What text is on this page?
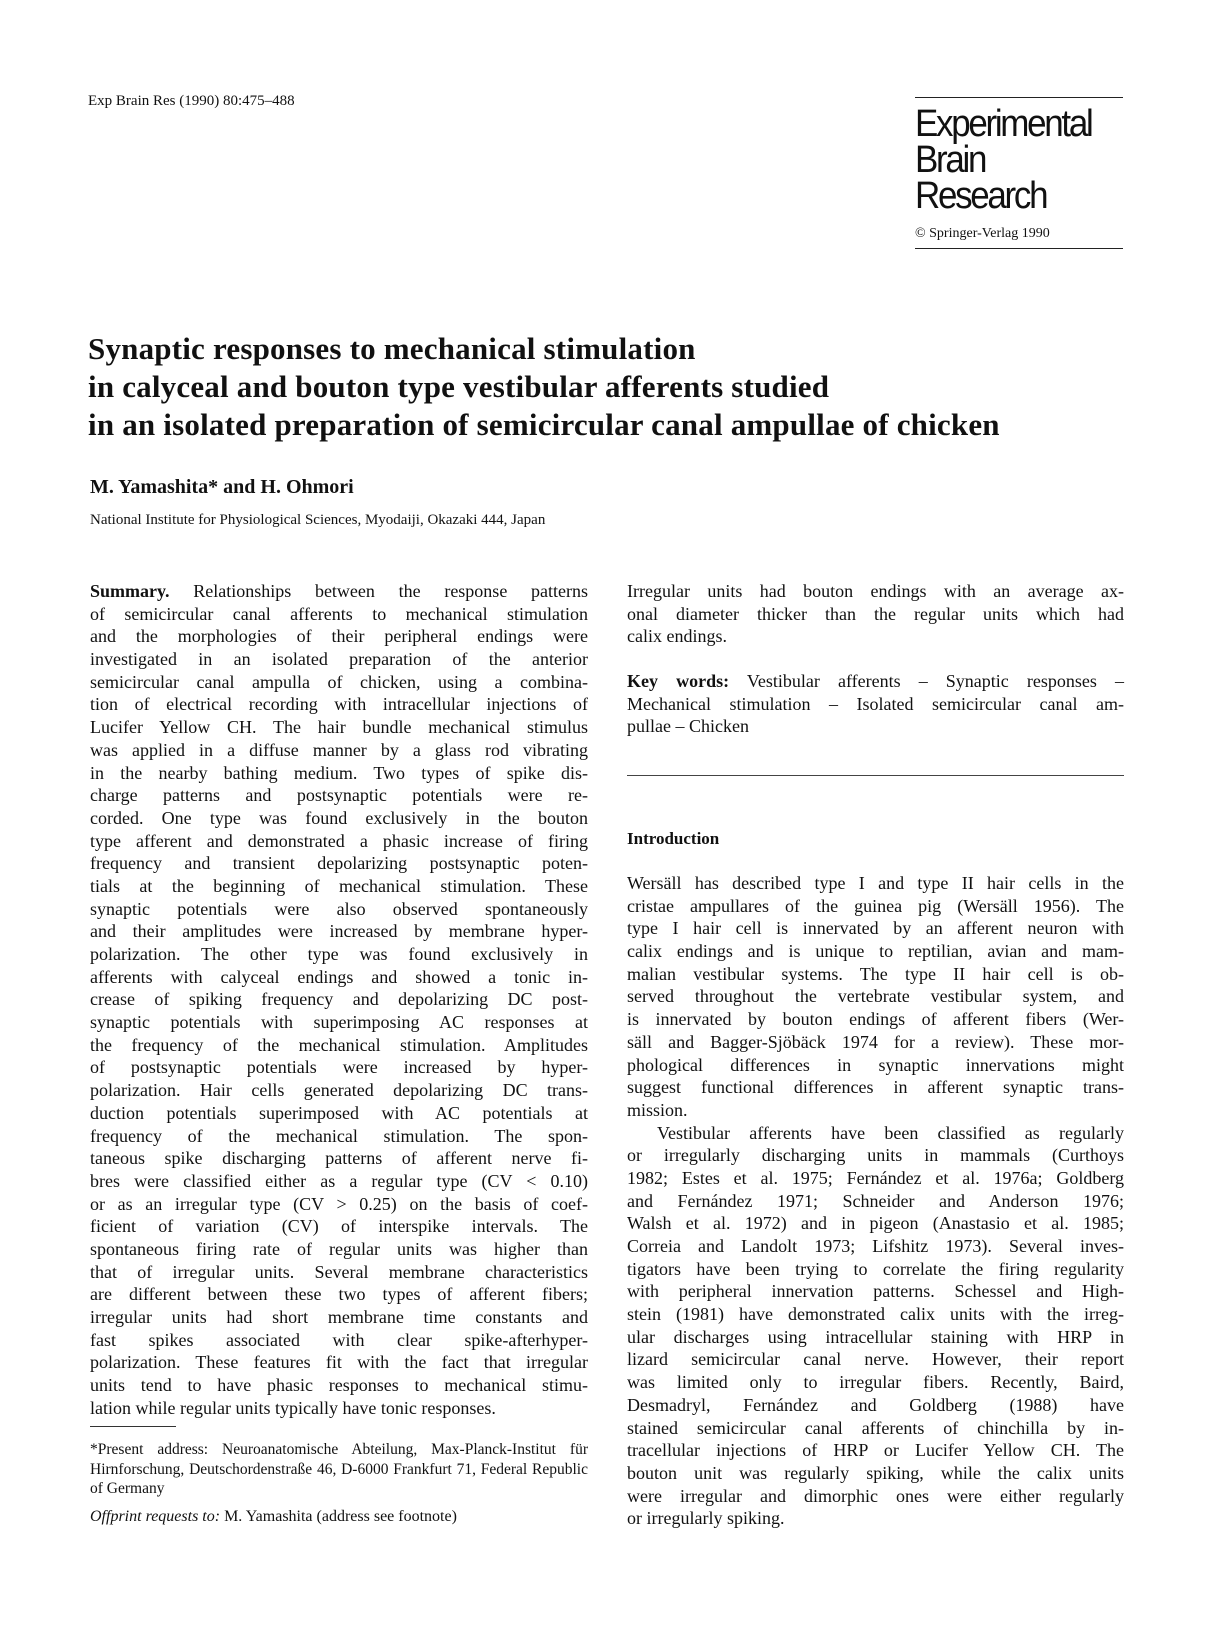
Exp Brain Res (1990) 80:475–488
Experimental
Brain Research
© Springer-Verlag 1990
Synaptic responses to mechanical stimulation
in calyceal and bouton type vestibular afferents studied
in an isolated preparation of semicircular canal ampullae of chicken
M. Yamashita* and H. Ohmori
National Institute for Physiological Sciences, Myodaiji, Okazaki 444, Japan
Summary. Relationships between the response patterns
of semicircular canal afferents to mechanical stimulation
and the morphologies of their peripheral endings were
investigated in an isolated preparation of the anterior
semicircular canal ampulla of chicken, using a combina-
tion of electrical recording with intracellular injections of
Lucifer Yellow CH. The hair bundle mechanical stimulus
was applied in a diffuse manner by a glass rod vibrating
in the nearby bathing medium. Two types of spike dis-
charge patterns and postsynaptic potentials were re-
corded. One type was found exclusively in the bouton
type afferent and demonstrated a phasic increase of firing
frequency and transient depolarizing postsynaptic poten-
tials at the beginning of mechanical stimulation. These
synaptic potentials were also observed spontaneously
and their amplitudes were increased by membrane hyper-
polarization. The other type was found exclusively in
afferents with calyceal endings and showed a tonic in-
crease of spiking frequency and depolarizing DC post-
synaptic potentials with superimposing AC responses at
the frequency of the mechanical stimulation. Amplitudes
of postsynaptic potentials were increased by hyper-
polarization. Hair cells generated depolarizing DC trans-
duction potentials superimposed with AC potentials at
frequency of the mechanical stimulation. The spon-
taneous spike discharging patterns of afferent nerve fi-
bres were classified either as a regular type (CV < 0.10)
or as an irregular type (CV > 0.25) on the basis of coef-
ficient of variation (CV) of interspike intervals. The
spontaneous firing rate of regular units was higher than
that of irregular units. Several membrane characteristics
are different between these two types of afferent fibers;
irregular units had short membrane time constants and
fast spikes associated with clear spike-afterhyper-
polarization. These features fit with the fact that irregular
units tend to have phasic responses to mechanical stimu-
lation while regular units typically have tonic responses.
Irregular units had bouton endings with an average ax-
onal diameter thicker than the regular units which had
calix endings.
Key words: Vestibular afferents – Synaptic responses –
Mechanical stimulation – Isolated semicircular canal am-
pullae – Chicken
Introduction
Wersäll has described type I and type II hair cells in the
cristae ampullares of the guinea pig (Wersäll 1956). The
type I hair cell is innervated by an afferent neuron with
calix endings and is unique to reptilian, avian and mam-
malian vestibular systems. The type II hair cell is ob-
served throughout the vertebrate vestibular system, and
is innervated by bouton endings of afferent fibers (Wer-
säll and Bagger-Sjöbäck 1974 for a review). These mor-
phological differences in synaptic innervations might
suggest functional differences in afferent synaptic trans-
mission.
Vestibular afferents have been classified as regularly
or irregularly discharging units in mammals (Curthoys
1982; Estes et al. 1975; Fernández et al. 1976a; Goldberg
and Fernández 1971; Schneider and Anderson 1976;
Walsh et al. 1972) and in pigeon (Anastasio et al. 1985;
Correia and Landolt 1973; Lifshitz 1973). Several inves-
tigators have been trying to correlate the firing regularity
with peripheral innervation patterns. Schessel and High-
stein (1981) have demonstrated calix units with the irreg-
ular discharges using intracellular staining with HRP in
lizard semicircular canal nerve. However, their report
was limited only to irregular fibers. Recently, Baird,
Desmadryl, Fernández and Goldberg (1988) have
stained semicircular canal afferents of chinchilla by in-
tracellular injections of HRP or Lucifer Yellow CH. The
bouton unit was regularly spiking, while the calix units
were irregular and dimorphic ones were either regularly
or irregularly spiking.
*Present address: Neuroanatomische Abteilung, Max-Planck-Institut für Hirnforschung, Deutschordenstraße 46, D-6000 Frankfurt 71, Federal Republic of Germany
Offprint requests to: M. Yamashita (address see footnote)
